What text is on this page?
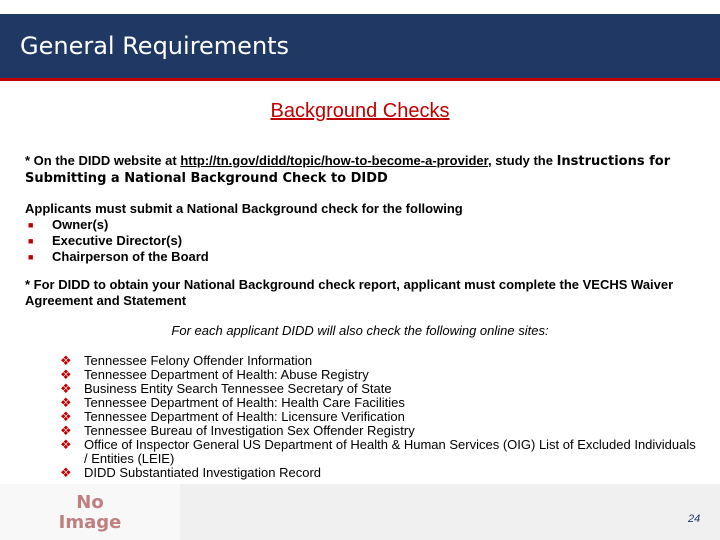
General Requirements
Background Checks
* On the DIDD website at http://tn.gov/didd/topic/how-to-become-a-provider, study the Instructions for Submitting a National Background Check to DIDD
Applicants must submit a National Background check for the following
■ Owner(s)
■ Executive Director(s)
■ Chairperson of the Board
* For DIDD to obtain your National Background check report, applicant must complete the VECHS Waiver Agreement and Statement
For each applicant DIDD will also check the following online sites:
❖ Tennessee Felony Offender Information
❖ Tennessee Department of Health: Abuse Registry
❖ Business Entity Search Tennessee Secretary of State
❖ Tennessee Department of Health: Health Care Facilities
❖ Tennessee Department of Health: Licensure Verification
❖ Tennessee Bureau of Investigation Sex Offender Registry
❖ Office of Inspector General US Department of Health & Human Services (OIG) List of Excluded Individuals / Entities (LEIE)
❖ DIDD Substantiated Investigation Record
No
Image	24
